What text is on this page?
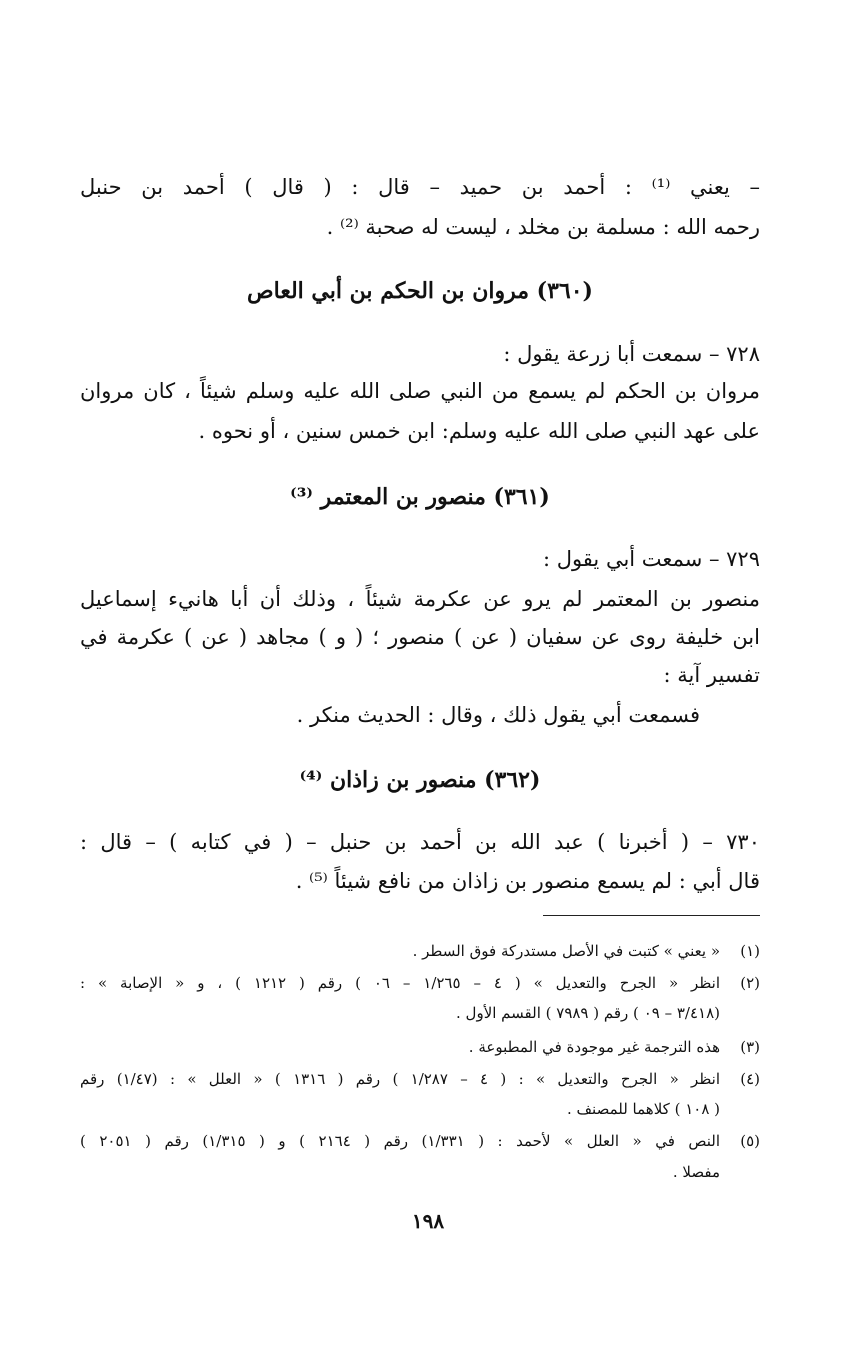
– يعني ⁽¹⁾ : أحمد بن حميد – قال : ( قال ) أحمد بن حنبل
رحمه الله : مسلمة بن مخلد ، ليست له صحبة ⁽²⁾ .
(٣٦٠) مروان بن الحكم بن أبي العاص
٧٢٨ – سمعت أبا زرعة يقول :
مروان بن الحكم لم يسمع من النبي صلى الله عليه وسلم شيئاً ، كان مروان
على عهد النبي صلى الله عليه وسلم: ابن خمس سنين ، أو نحوه .
(٣٦١) منصور بن المعتمر ⁽³⁾
٧٢٩ – سمعت أبي يقول :
منصور بن المعتمر لم يرو عن عكرمة شيئاً ، وذلك أن أبا هانيء إسماعيل
ابن خليفة روى عن سفيان ( عن ) منصور ؛ ( و ) مجاهد ( عن ) عكرمة في
تفسير آية :
فسمعت أبي يقول ذلك ، وقال : الحديث منكر .
(٣٦٢) منصور بن زاذان ⁽⁴⁾
٧٣٠ – ( أخبرنا ) عبد الله بن أحمد بن حنبل – ( في كتابه ) – قال :
قال أبي : لم يسمع منصور بن زاذان من نافع شيئاً ⁽⁵⁾ .
(١)
« يعني » كتبت في الأصل مستدركة فوق السطر .
(٢)
انظر « الجرح والتعديل » ( ٤ – ١/٢٦٥ – ٠٦ ) رقم ( ١٢١٢ ) ، و « الإصابة » :
(٣/٤١٨ – ٠٩ ) رقم ( ٧٩٨٩ ) القسم الأول .
(٣)
هذه الترجمة غير موجودة في المطبوعة .
(٤)
انظر « الجرح والتعديل » : ( ٤ – ١/٢٨٧ ) رقم ( ١٣١٦ ) « العلل » : (١/٤٧) رقم
( ١٠٨ ) كلاهما للمصنف .
(٥)
النص في « العلل » لأحمد : ( ١/٣٣١) رقم ( ٢١٦٤ ) و ( ١/٣١٥) رقم ( ٢٠٥١ )
مفصلا .
١٩٨
